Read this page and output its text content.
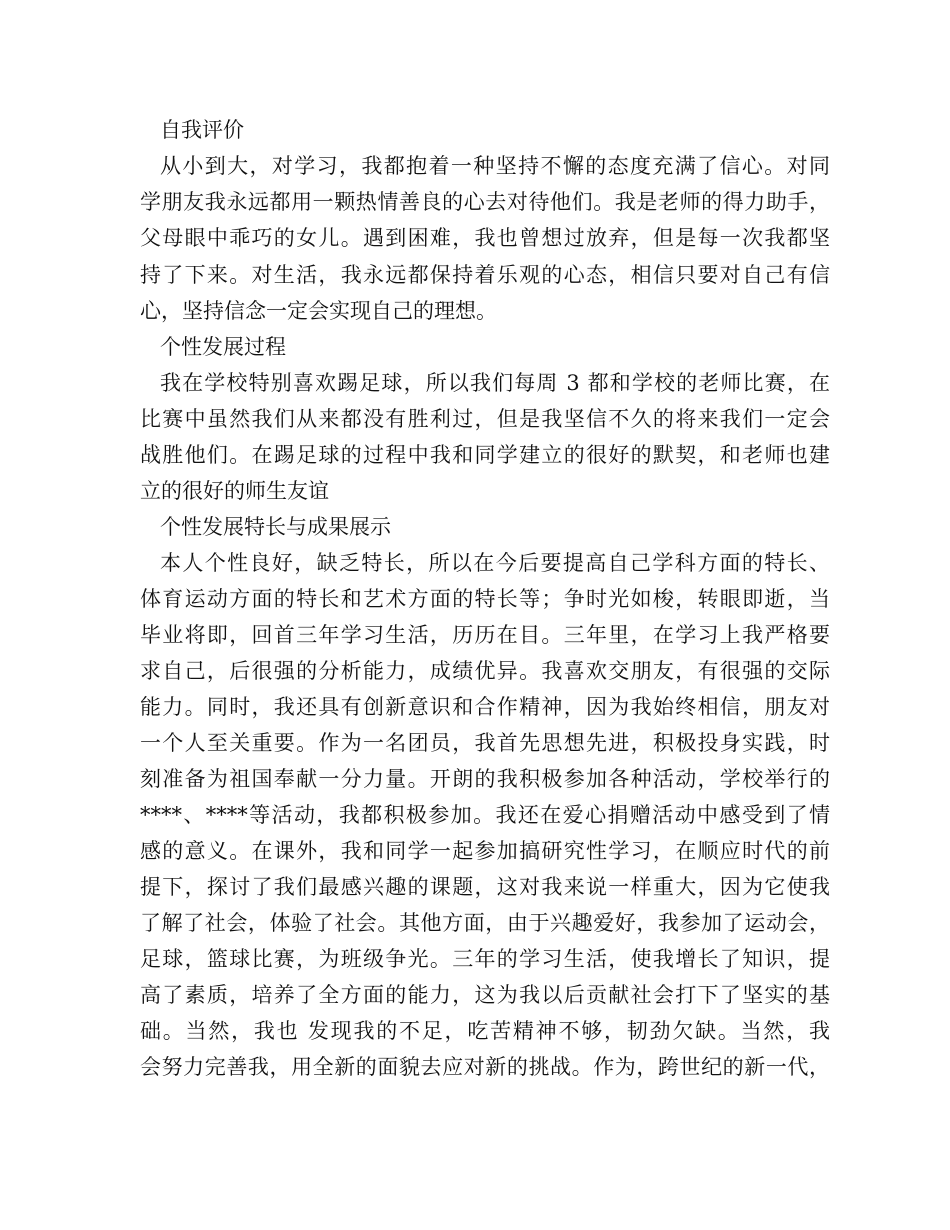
自我评价
从小到大，对学习，我都抱着一种坚持不懈的态度充满了信心。对同
学朋友我永远都用一颗热情善良的心去对待他们。我是老师的得力助手，
父母眼中乖巧的女儿。遇到困难，我也曾想过放弃，但是每一次我都坚
持了下来。对生活，我永远都保持着乐观的心态，相信只要对自己有信
心，坚持信念一定会实现自己的理想。
个性发展过程
我在学校特别喜欢踢足球，所以我们每周 3 都和学校的老师比赛，在
比赛中虽然我们从来都没有胜利过，但是我坚信不久的将来我们一定会
战胜他们。在踢足球的过程中我和同学建立的很好的默契，和老师也建
立的很好的师生友谊
个性发展特长与成果展示
本人个性良好，缺乏特长，所以在今后要提高自己学科方面的特长、
体育运动方面的特长和艺术方面的特长等；争时光如梭，转眼即逝，当
毕业将即，回首三年学习生活，历历在目。三年里，在学习上我严格要
求自己，后很强的分析能力，成绩优异。我喜欢交朋友，有很强的交际
能力。同时，我还具有创新意识和合作精神，因为我始终相信，朋友对
一个人至关重要。作为一名团员，我首先思想先进，积极投身实践，时
刻准备为祖国奉献一分力量。开朗的我积极参加各种活动，学校举行的
****、****等活动，我都积极参加。我还在爱心捐赠活动中感受到了情
感的意义。在课外，我和同学一起参加搞研究性学习，在顺应时代的前
提下，探讨了我们最感兴趣的课题，这对我来说一样重大，因为它使我
了解了社会，体验了社会。其他方面，由于兴趣爱好，我参加了运动会，
足球，篮球比赛，为班级争光。三年的学习生活，使我增长了知识，提
高了素质，培养了全方面的能力，这为我以后贡献社会打下了坚实的基
础。当然，我也 发现我的不足，吃苦精神不够，韧劲欠缺。当然，我
会努力完善我，用全新的面貌去应对新的挑战。作为，跨世纪的新一代，
